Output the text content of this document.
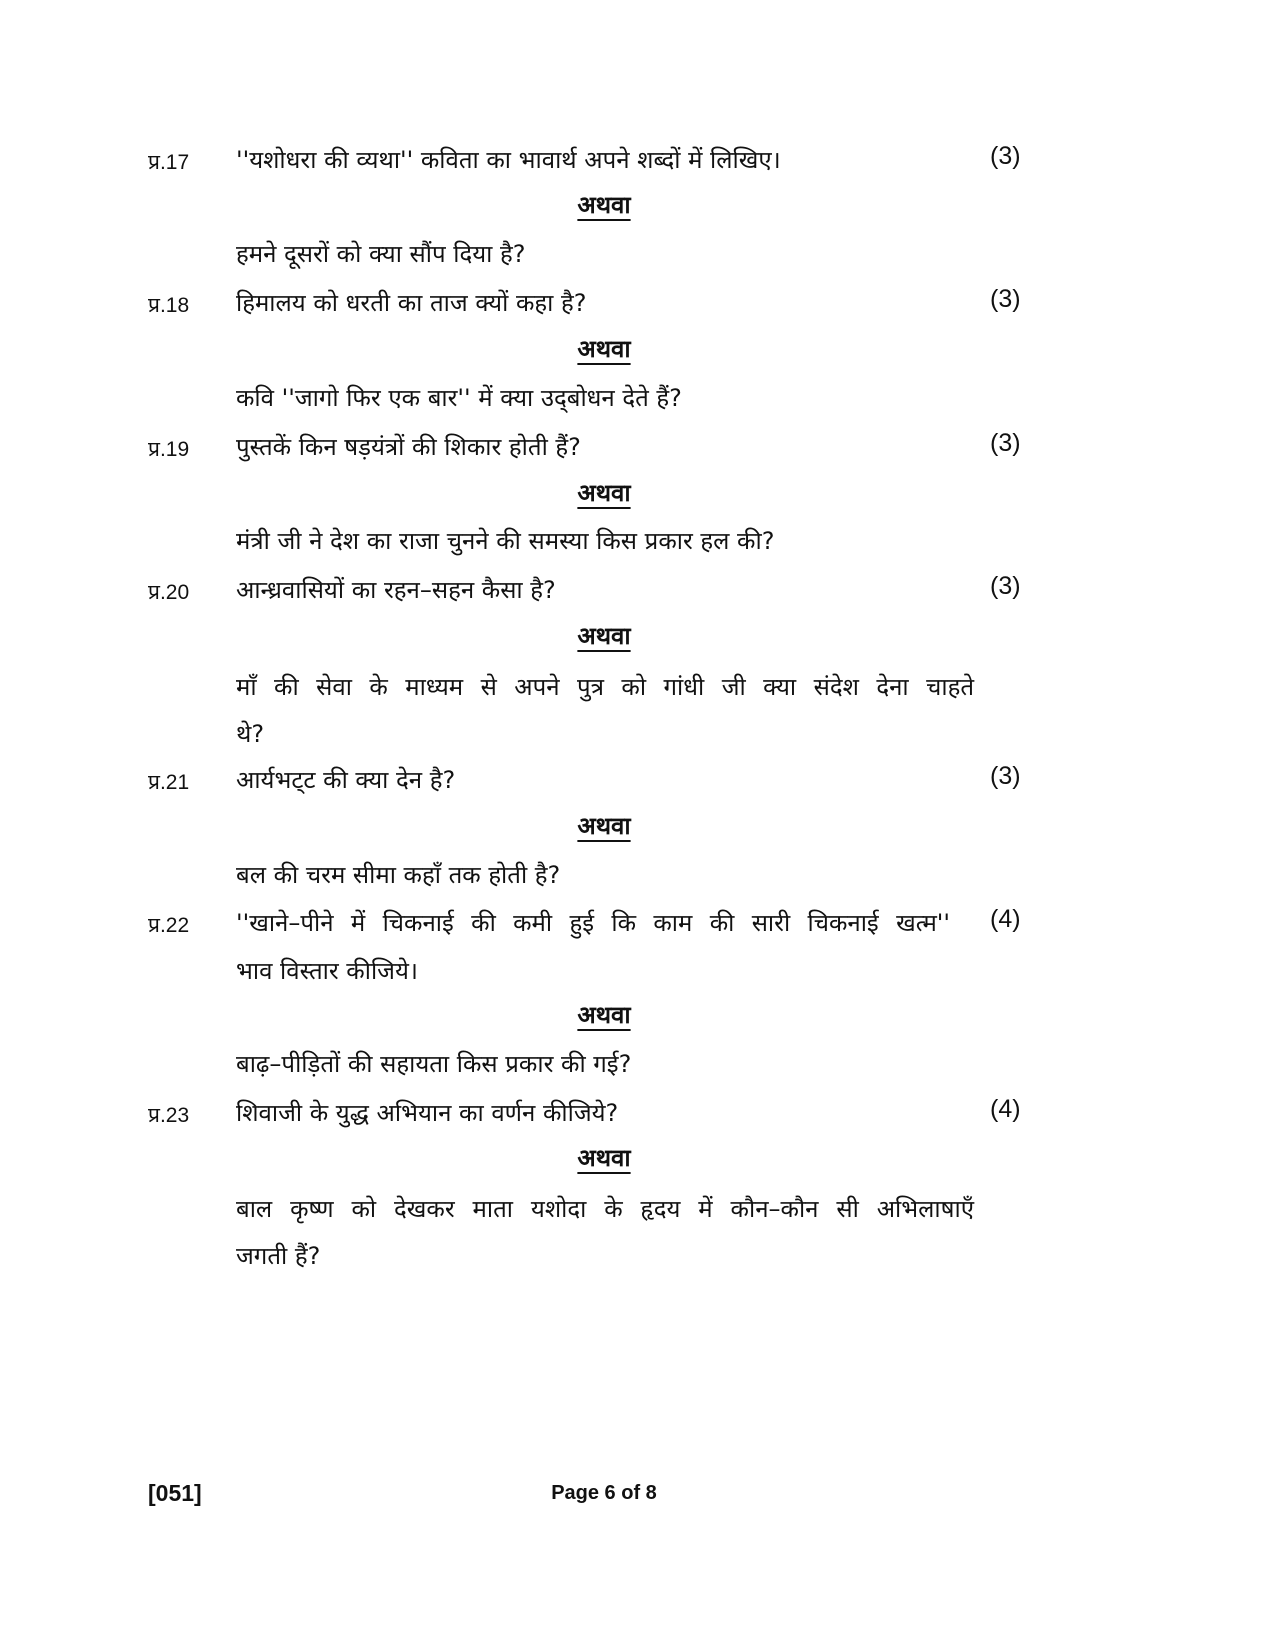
प्र.17 ''यशोधरा की व्यथा'' कविता का भावार्थ अपने शब्दों में लिखिए।	(3)
अथवा
हमने दूसरों को क्या सौंप दिया है?
प्र.18 हिमालय को धरती का ताज क्यों कहा है?	(3)
अथवा
कवि ''जागो फिर एक बार'' में क्या उद्‌बोधन देते हैं?
प्र.19 पुस्तकें किन षड़यंत्रों की शिकार होती हैं?	(3)
अथवा
मंत्री जी ने देश का राजा चुनने की समस्या किस प्रकार हल की?
प्र.20 आन्ध्रवासियों का रहन–सहन कैसा है?	(3)
अथवा
माँ की सेवा के माध्यम से अपने पुत्र को गांधी जी क्या संदेश देना चाहते
थे?
प्र.21 आर्यभट्‌ट की क्या देन है?	(3)
अथवा
बल की चरम सीमा कहाँ तक होती है?
प्र.22 ''खाने–पीने में चिकनाई की कमी हुई कि काम की सारी चिकनाई खत्म'' (4)
भाव विस्तार कीजिये।
अथवा
बाढ़–पीड़ितों की सहायता किस प्रकार की गई?
प्र.23 शिवाजी के युद्ध अभियान का वर्णन कीजिये?	(4)
अथवा
बाल कृष्ण को देखकर माता यशोदा के हृदय में कौन–कौन सी अभिलाषाएँ
जगती हैं?
[051]	Page 6 of 8
